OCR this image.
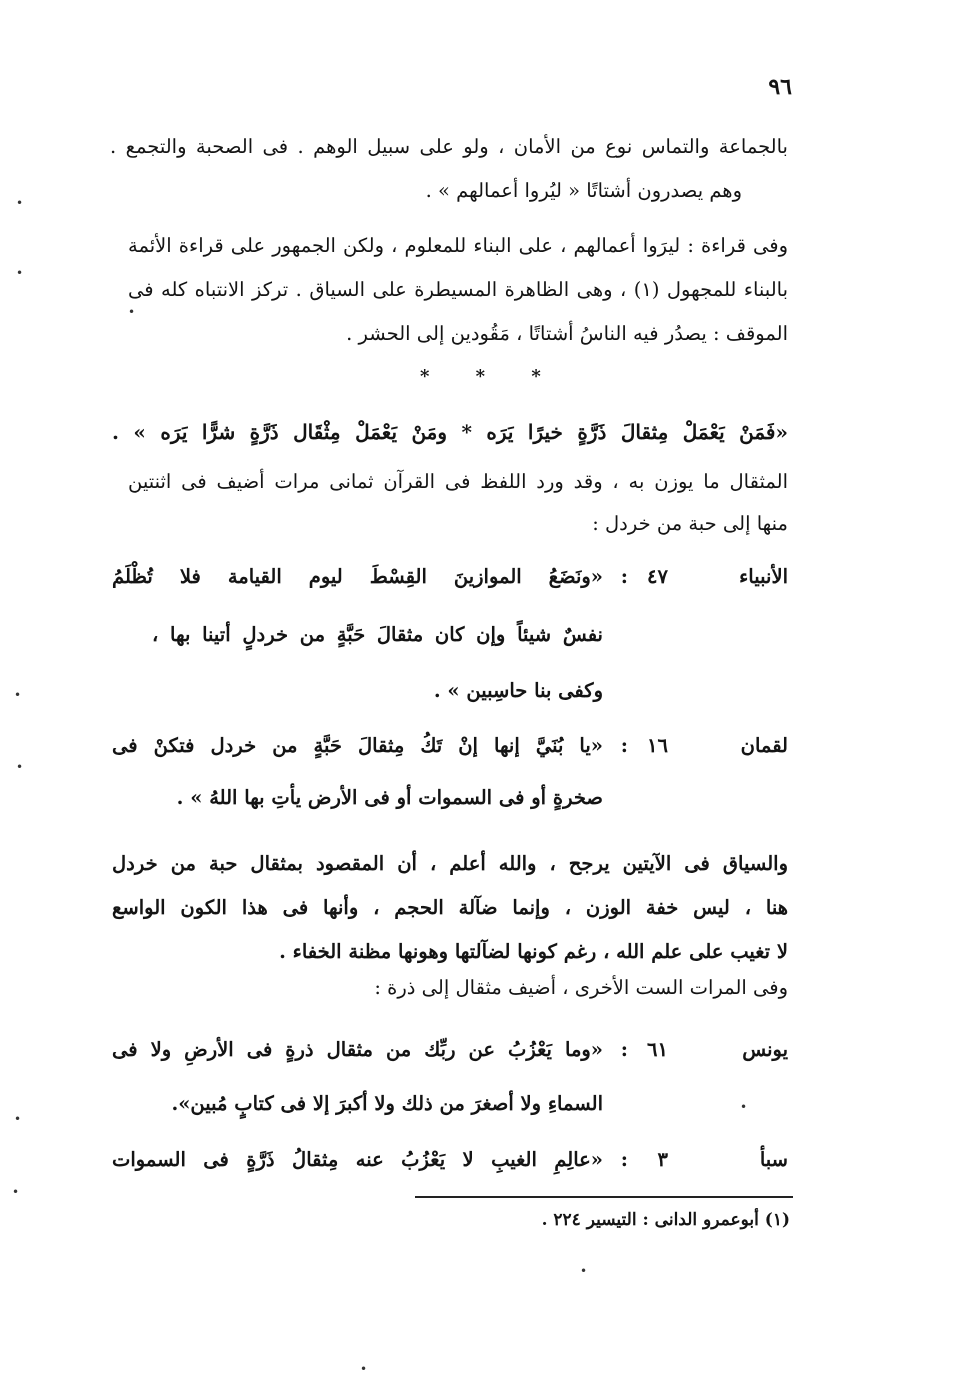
٩٦
بالجماعة والتماس نوع من الأمان ، ولو على سبيل الوهم . فى الصحبة والتجمع .
وهم يصدرون أشتاتًا « ليُروا أعمالهم » .
وفى قراءة : ليرَوا أعمالهم ، على البناء للمعلوم ، ولكن الجمهور على قراءة الأئمة
بالبناء للمجهول (١) ، وهى الظاهرة المسيطرة على السياق . تركز الانتباه كله فى
الموقف : يصدُر فيه الناسُ أشتاتًا ، مَقُودين إلى الحشر .
* * *
«فَمَنْ يَعْمَلْ مِثقالَ ذَرَّةٍ خيرًا يَرَه * ومَنْ يَعْمَلْ مِثْقَال ذَرَّةٍ شرًّا يَرَه » .
المثقال ما يوزن به ، وقد ورد اللفظ فى القرآن ثمانى مرات أضيف فى اثنتين
منها إلى حبة من خردل :
الأنبياء
٤٧
:
«ونَضَعُ الموازينَ القِسْطَ ليوم القيامة فلا تُظْلَمُ
نفسٌ شيئاً وإن كان مثقالَ حَبَّةٍ من خردلٍ أتينا بها ،
وكفى بنا حاسِبين » .
لقمان
١٦
:
«يا بُنَيَّ إنها إنْ تَكُ مِثقالَ حَبَّةٍ من خردل فتكنْ فى
صخرةٍ أو فى السموات أو فى الأرض يأتِ بها اللهُ » .
والسياق فى الآيتين يرجح ، والله أعلم ، أن المقصود بمثقال حبة من خردل
هنا ، ليس خفة الوزن ، وإنما ضآلة الحجم ، وأنها فى هذا الكون الواسع
لا تغيب على علم الله ، رغم كونها لضآلتها وهونها مظنة الخفاء .
وفى المرات الست الأخرى ، أضيف مثقال إلى ذرة :
يونس
٦١
:
«وما يَعْزُبُ عن ربِّك من مثقال ذرةٍ فى الأرضِ ولا فى
السماءِ ولا أصغرَ من ذلك ولا أكبرَ إلا فى كتابٍ مُبين».
سبأ
٣
:
«عالِمِ الغيبِ لا يَعْزُبُ عنه مِثقالُ ذَرَّةٍ فى السموات
(١) أبوعمرو الدانى : التيسير ٢٢٤ .
•
•
•
•
•
•
•
•
•
•
